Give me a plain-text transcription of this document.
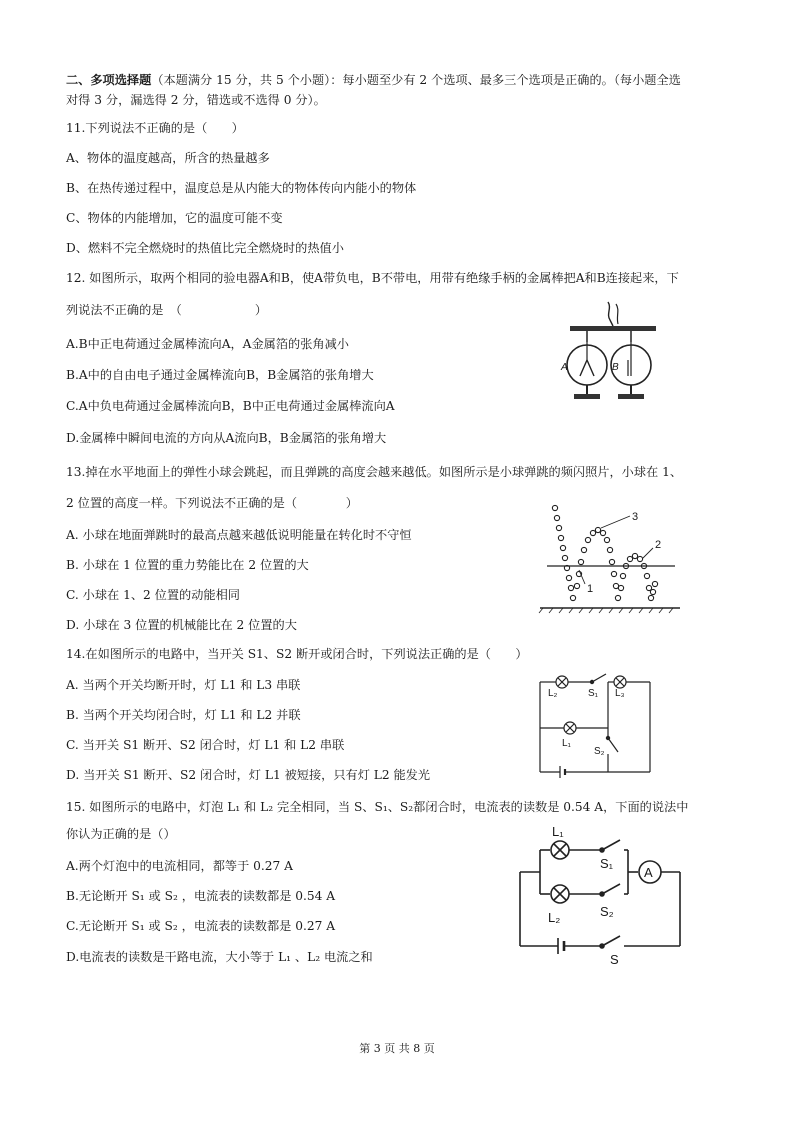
二、多项选择题（本题满分 15 分，共 5 个小题）：每小题至少有 2 个选项、最多三个选项是正确的。（每小题全选
对得 3 分，漏选得 2 分，错选或不选得 0 分）。
11.下列说法不正确的是（　　）
A、物体的温度越高，所含的热量越多
B、在热传递过程中，温度总是从内能大的物体传向内能小的物体
C、物体的内能增加，它的温度可能不变
D、燃料不完全燃烧时的热值比完全燃烧时的热值小
12. 如图所示，取两个相同的验电器A和B，使A带负电，B不带电，用带有绝缘手柄的金属棒把A和B连接起来，下
列说法不正确的是　（　　　　　　）
A.B中正电荷通过金属棒流向A，A金属箔的张角减小
B.A中的自由电子通过金属棒流向B，B金属箔的张角增大
C.A中负电荷通过金属棒流向B，B中正电荷通过金属棒流向A
D.金属棒中瞬间电流的方向从A流向B，B金属箔的张角增大
A	B
13.掉在水平地面上的弹性小球会跳起，而且弹跳的高度会越来越低。如图所示是小球弹跳的频闪照片，小球在 1、
2 位置的高度一样。下列说法不正确的是（　　　　）
A. 小球在地面弹跳时的最高点越来越低说明能量在转化时不守恒
B. 小球在 1 位置的重力势能比在 2 位置的大
C. 小球在 1、2 位置的动能相同
D. 小球在 3 位置的机械能比在 2 位置的大
3
2
1
14.在如图所示的电路中，当开关 S1、S2 断开或闭合时，下列说法正确的是（　　）
A. 当两个开关均断开时，灯 L1 和 L3 串联
B. 当两个开关均闭合时，灯 L1 和 L2 并联
C. 当开关 S1 断开、S2 闭合时，灯 L1 和 L2 串联
D. 当开关 S1 断开、S2 闭合时，灯 L1 被短接，只有灯 L2 能发光
L₂	S₁ L₃
L₁
S₂
15. 如图所示的电路中，灯泡 L₁ 和 L₂ 完全相同，当 S、S₁、S₂都闭合时，电流表的读数是 0.54 A，下面的说法中
你认为正确的是（）
A.两个灯泡中的电流相同，都等于 0.27 A
B.无论断开 S₁ 或 S₂ ，电流表的读数都是 0.54 A
C.无论断开 S₁ 或 S₂ ，电流表的读数都是 0.27 A
D.电流表的读数是干路电流，大小等于 L₁ 、L₂ 电流之和
A
L₁
S₁
L₂	S₂
S
第 3 页 共 8 页
